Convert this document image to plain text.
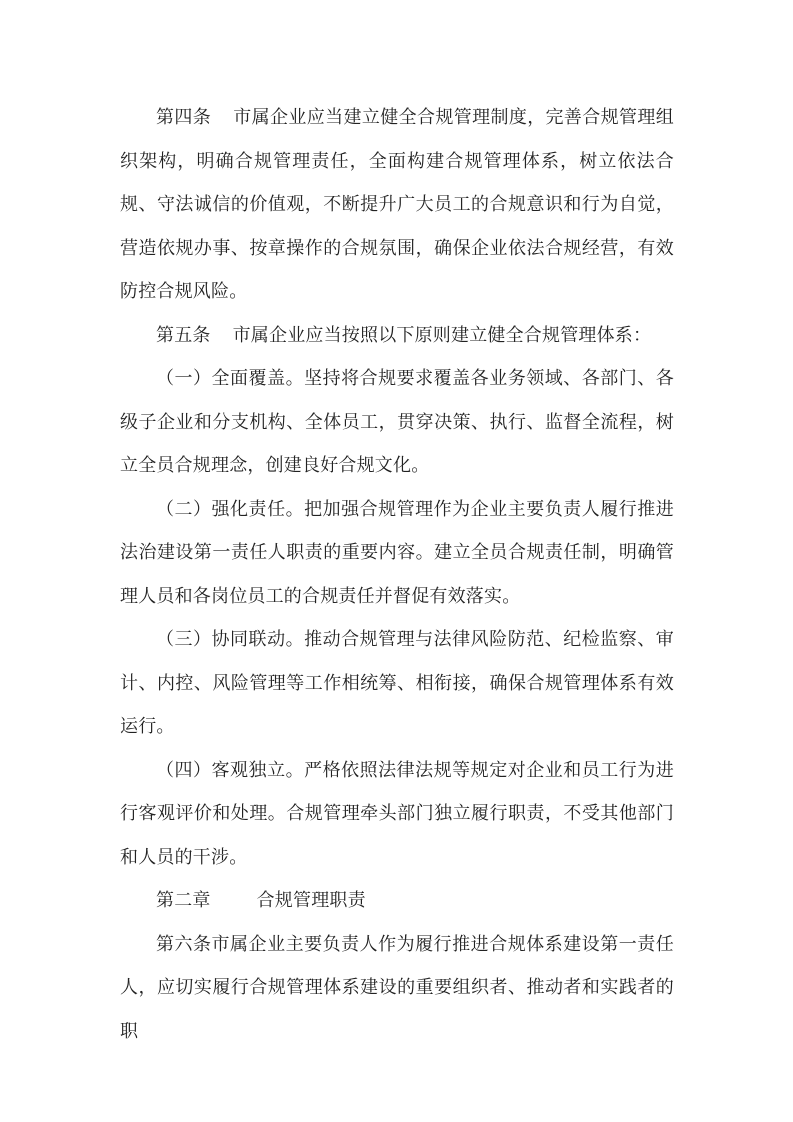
第四条 市属企业应当建立健全合规管理制度，完善合规管理组织架构，明确合规管理责任，全面构建合规管理体系，树立依法合规、守法诚信的价值观，不断提升广大员工的合规意识和行为自觉，营造依规办事、按章操作的合规氛围，确保企业依法合规经营，有效防控合规风险。

第五条 市属企业应当按照以下原则建立健全合规管理体系：

（一）全面覆盖。坚持将合规要求覆盖各业务领域、各部门、各级子企业和分支机构、全体员工，贯穿决策、执行、监督全流程，树立全员合规理念，创建良好合规文化。

（二）强化责任。把加强合规管理作为企业主要负责人履行推进法治建设第一责任人职责的重要内容。建立全员合规责任制，明确管理人员和各岗位员工的合规责任并督促有效落实。

（三）协同联动。推动合规管理与法律风险防范、纪检监察、审计、内控、风险管理等工作相统筹、相衔接，确保合规管理体系有效运行。

（四）客观独立。严格依照法律法规等规定对企业和员工行为进行客观评价和处理。合规管理牵头部门独立履行职责，不受其他部门和人员的干涉。

第二章	合规管理职责

第六条市属企业主要负责人作为履行推进合规体系建设第一责任人，应切实履行合规管理体系建设的重要组织者、推动者和实践者的职
